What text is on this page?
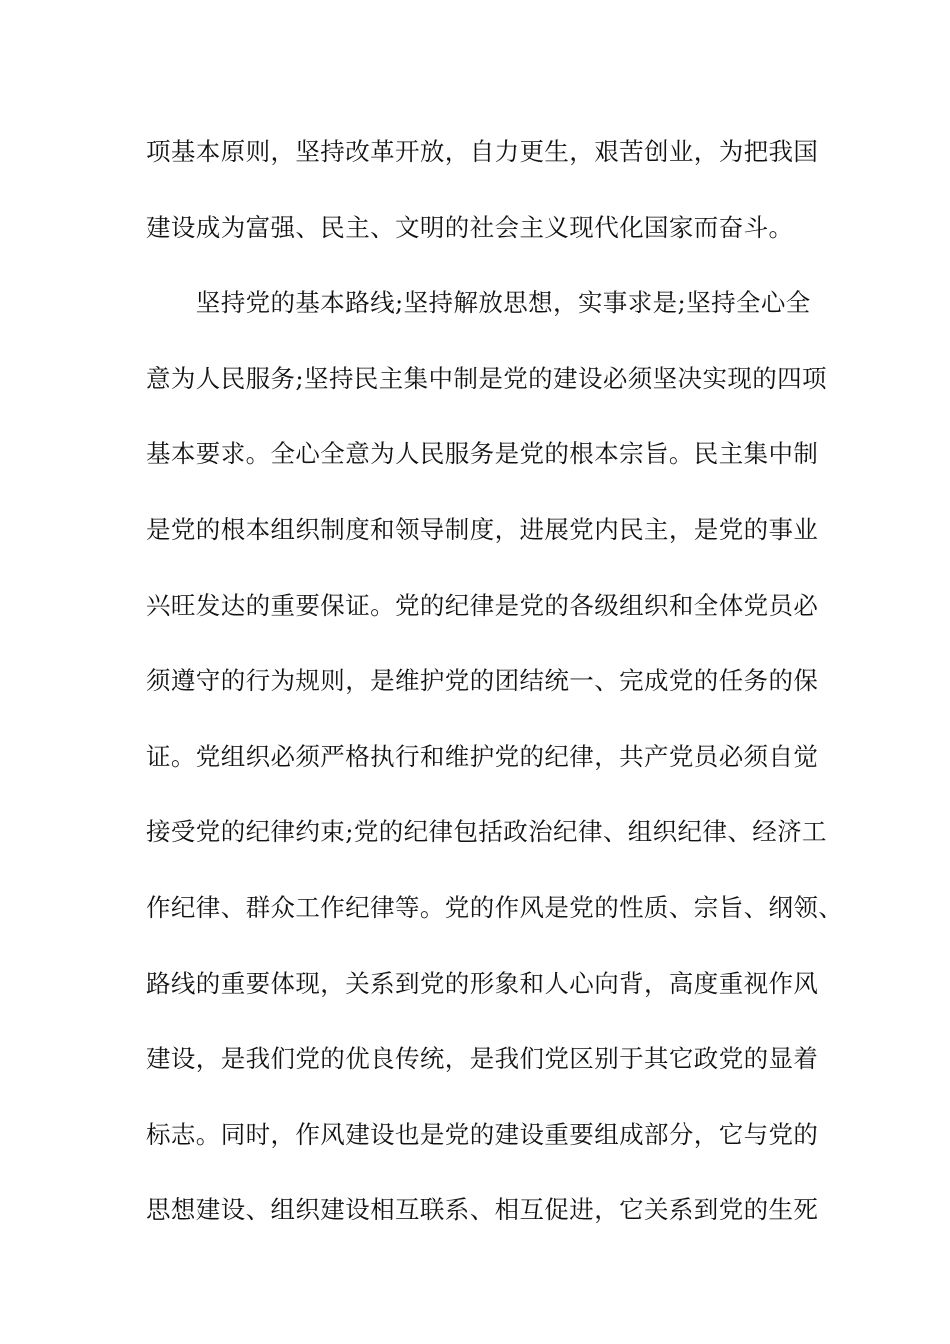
项基本原则，坚持改革开放，自力更生，艰苦创业，为把我国
建设成为富强、民主、文明的社会主义现代化国家而奋斗。
　　坚持党的基本路线;坚持解放思想，实事求是;坚持全心全
意为人民服务;坚持民主集中制是党的建设必须坚决实现的四项
基本要求。全心全意为人民服务是党的根本宗旨。民主集中制
是党的根本组织制度和领导制度，进展党内民主，是党的事业
兴旺发达的重要保证。党的纪律是党的各级组织和全体党员必
须遵守的行为规则，是维护党的团结统一、完成党的任务的保
证。党组织必须严格执行和维护党的纪律，共产党员必须自觉
接受党的纪律约束;党的纪律包括政治纪律、组织纪律、经济工
作纪律、群众工作纪律等。党的作风是党的性质、宗旨、纲领、
路线的重要体现，关系到党的形象和人心向背，高度重视作风
建设，是我们党的优良传统，是我们党区别于其它政党的显着
标志。同时，作风建设也是党的建设重要组成部分，它与党的
思想建设、组织建设相互联系、相互促进，它关系到党的生死
